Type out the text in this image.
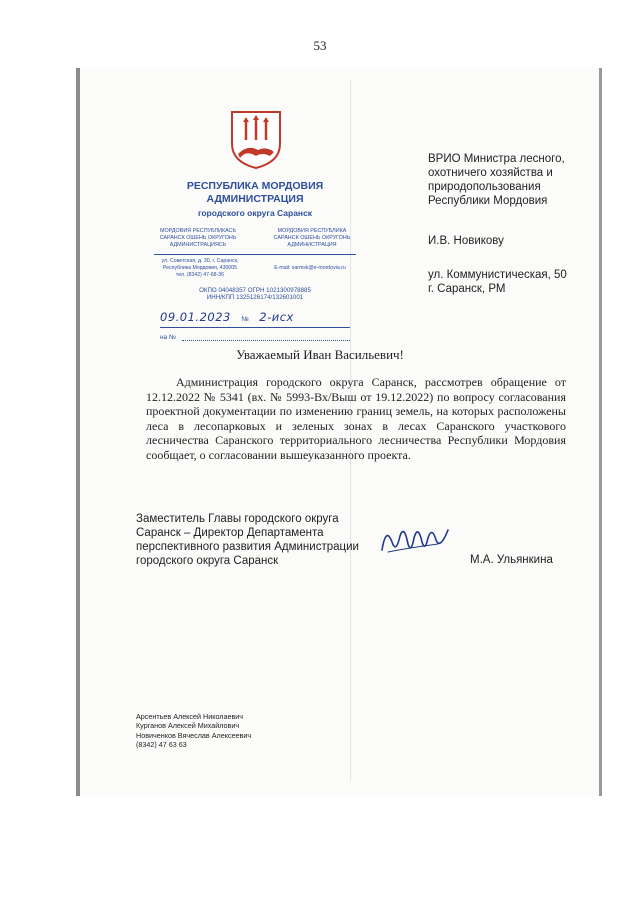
53
РЕСПУБЛИКА МОРДОВИЯ
АДМИНИСТРАЦИЯ
городского округа Саранск
МОРДОВИЯ РЕСПУБЛИКАСЬ
САРАНСК ОШЕНЬ ОКРУГОНЬ
АДМИНИСТРАЦИЯСЬ
МОРДОВИЯ РЕСПУБЛИКА
САРАНСК ОШЕНЬ ОКРУГОНЬ
АДМИНИСТРАЦИЯ
ул. Советская, д. 30, г. Саранск, Республика Мордовия, 430005
тел. (8342) 47-68-36

E-mail: sarmsk@e-mordovia.ru
ОКПО 04048357 ОГРН 1021300978885
ИНН/КПП 1325126174/132601001
09.01.2023 № 2-исх
на №

ВРИО Министра лесного,

охотничего хозяйства и

природопользования

Республики Мордовия

И.В. Новикову

ул. Коммунистическая, 50

г. Саранск, РМ

Уважаемый Иван Васильевич!

Администрация городского округа Саранск, рассмотрев обращение от 12.12.2022 № 5341 (вх. № 5993-Вх/Выш от 19.12.2022) по вопросу согласования проектной документации по изменению границ земель, на которых расположены леса в лесопарковых и зеленых зонах в лесах Саранского участкового лесничества Саранского территориального лесничества Республики Мордовия сообщает, о согласовании вышеуказанного проекта.

Заместитель Главы городского округа
Саранск – Директор Департамента
перспективного развития Администрации
городского округа Саранск	М.А. Ульянкина

Арсентьев Алексей Николаевич

Курганов Алексей Михайлович

Новиченков Вячеслав Алексеевич

(8342) 47 63 63
